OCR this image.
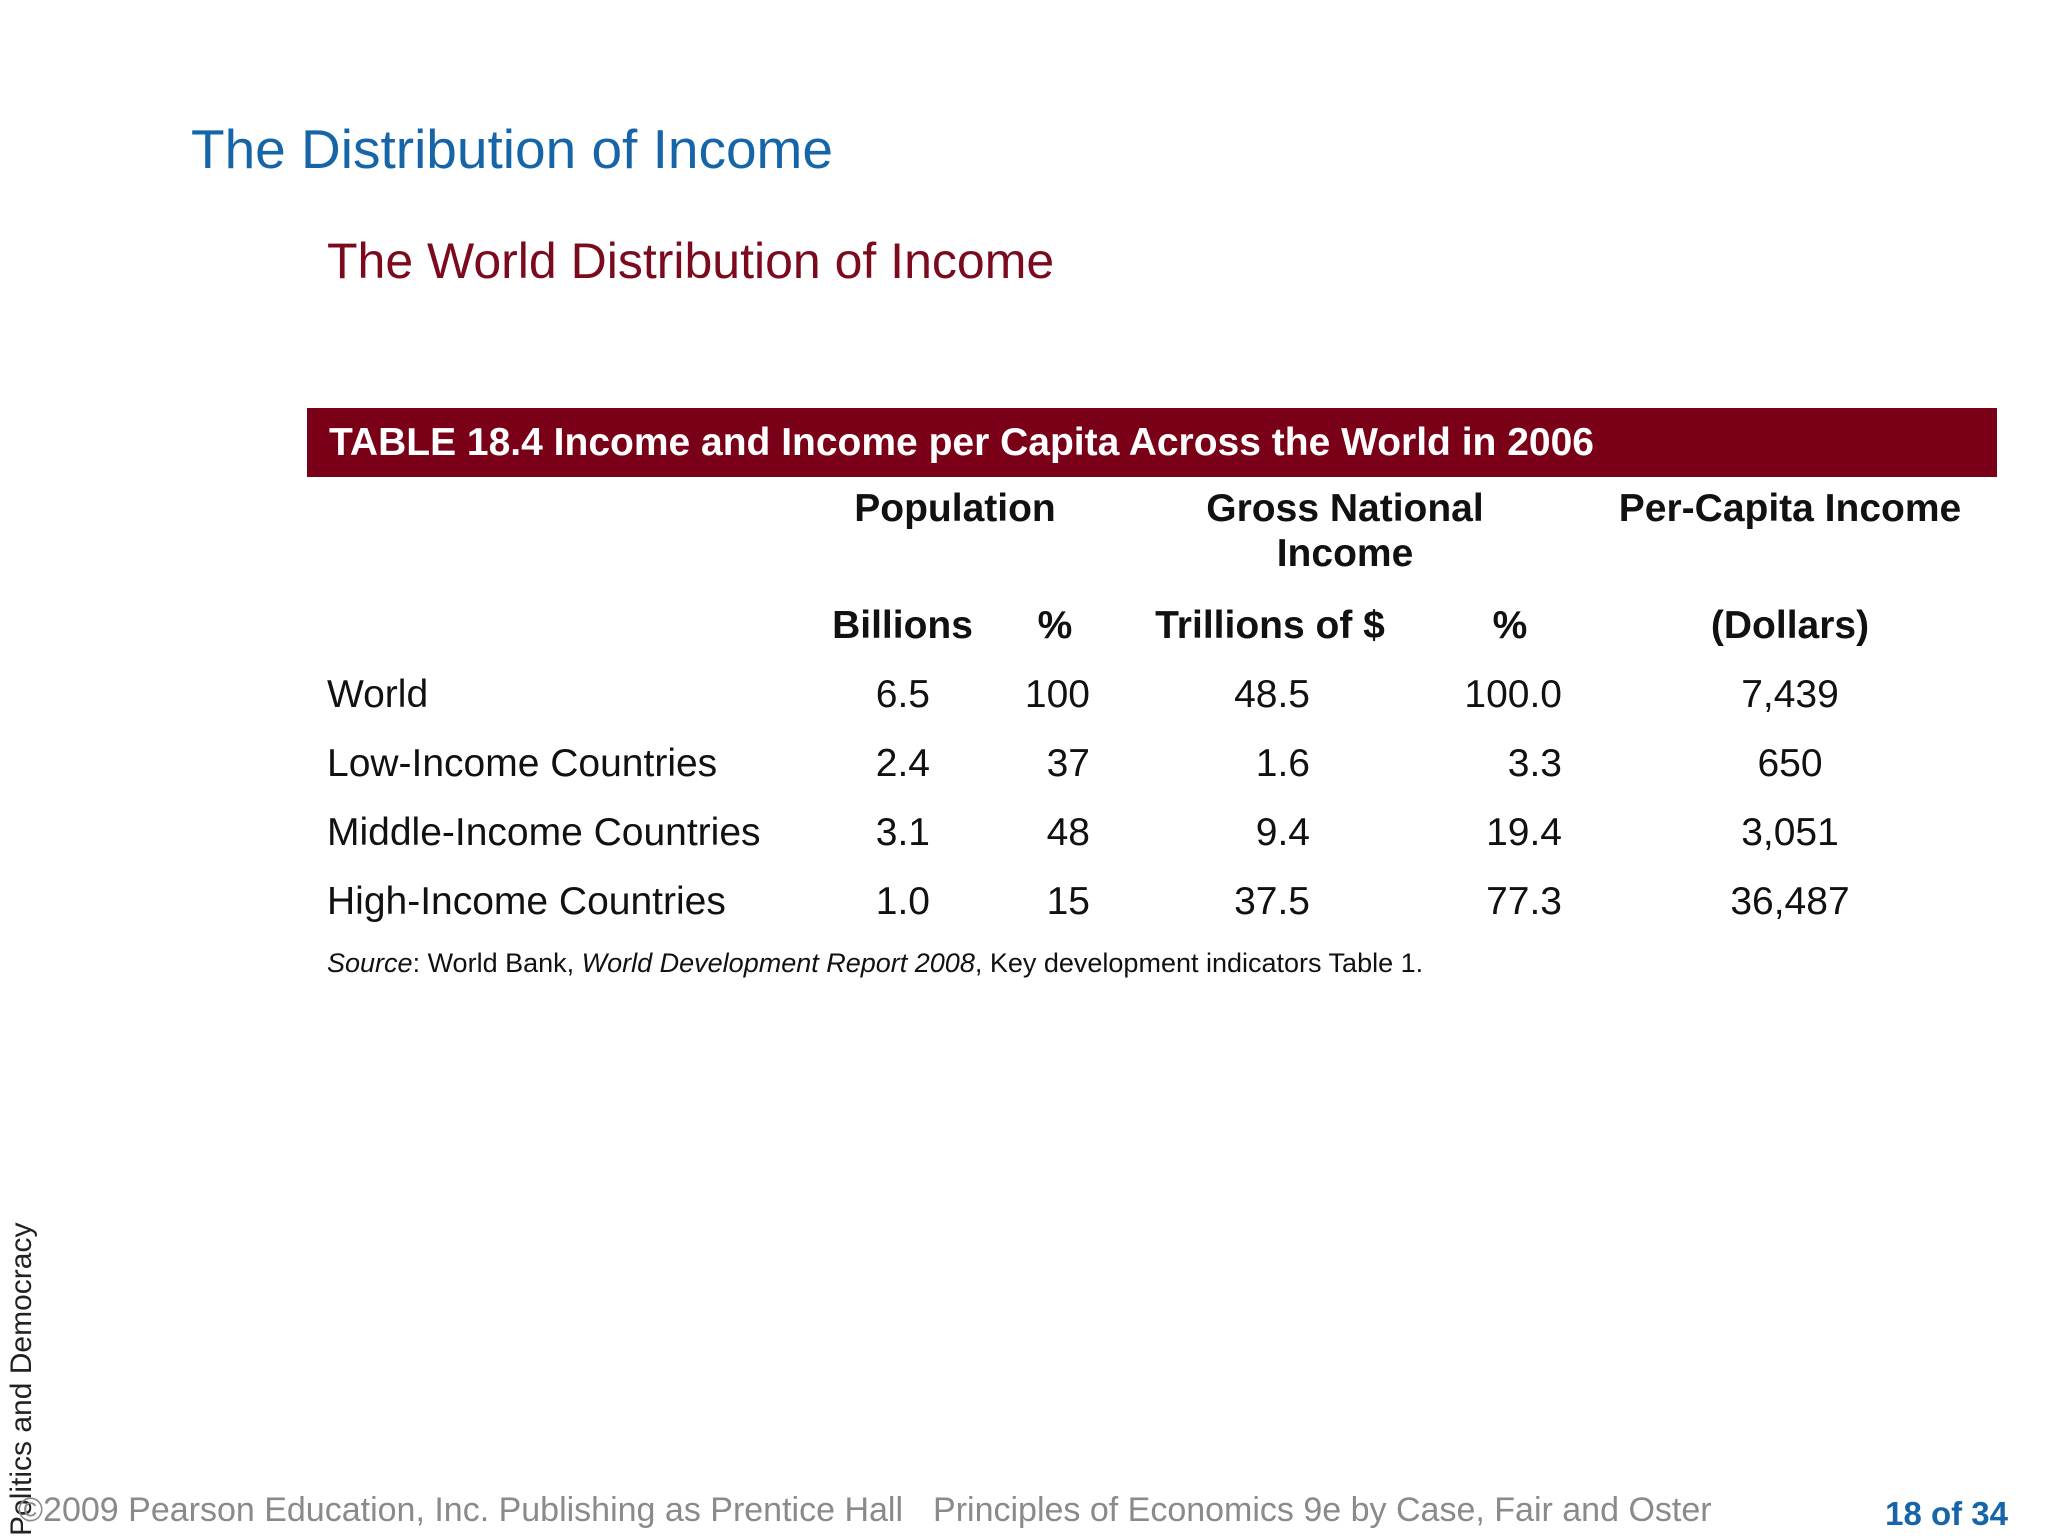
The Distribution of Income
The World Distribution of Income
TABLE 18.4 Income and Income per Capita Across the World in 2006
Population	Gross National
Income
Per-Capita Income
Billions	%	Trillions of $	%	(Dollars)
World	6.5	100	48.5	100.0	7,439
Low-Income Countries	2.4	37	1.6	3.3	650
Middle-Income Countries	3.1	48	9.4	19.4	3,051
High-Income Countries	1.0	15	37.5	77.3	36,487
Source: World Bank, World Development Report 2008, Key development indicators Table 1.
Politics and Democracy
©2009 Pearson Education, Inc. Publishing as Prentice Hall Principles of Economics 9e by Case, Fair and Oster	18 of 34
